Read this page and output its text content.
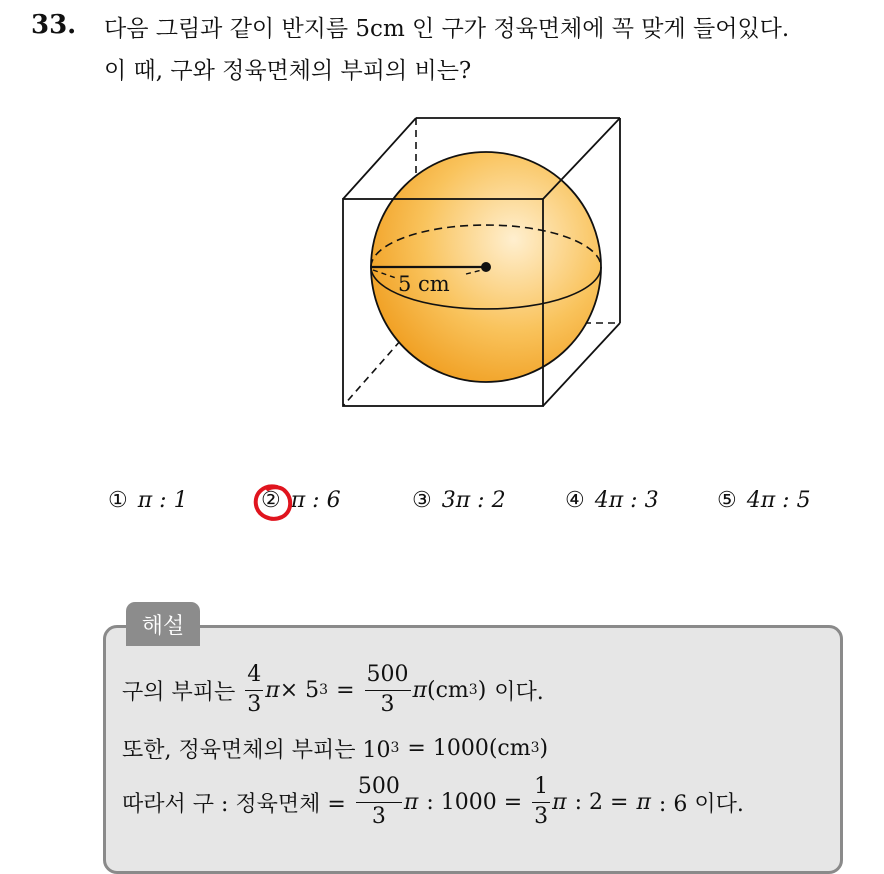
33. 다음 그림과 같이 반지름 5cm 인 구가 정육면체에 꼭 맞게 들어있다.
이 때, 구와 정육면체의 부피의 비는?
5 cm
① π : 1	② π : 6	③ 3π : 2	④ 4π : 3	⑤ 4π : 5
해설
구의 부피는 $\frac{4}{3}$ π × 5 $3 = \frac{500}{3}$ π (cm 3 ) 이다.
또한, 정육면체의 부피는 10 3 = 1000(cm 3 )
따라서 구 : 정육면체 = $\frac{500}{3}$ π : $1000 = \frac{1}{3}$ π : 2 = π : 6 이다.
